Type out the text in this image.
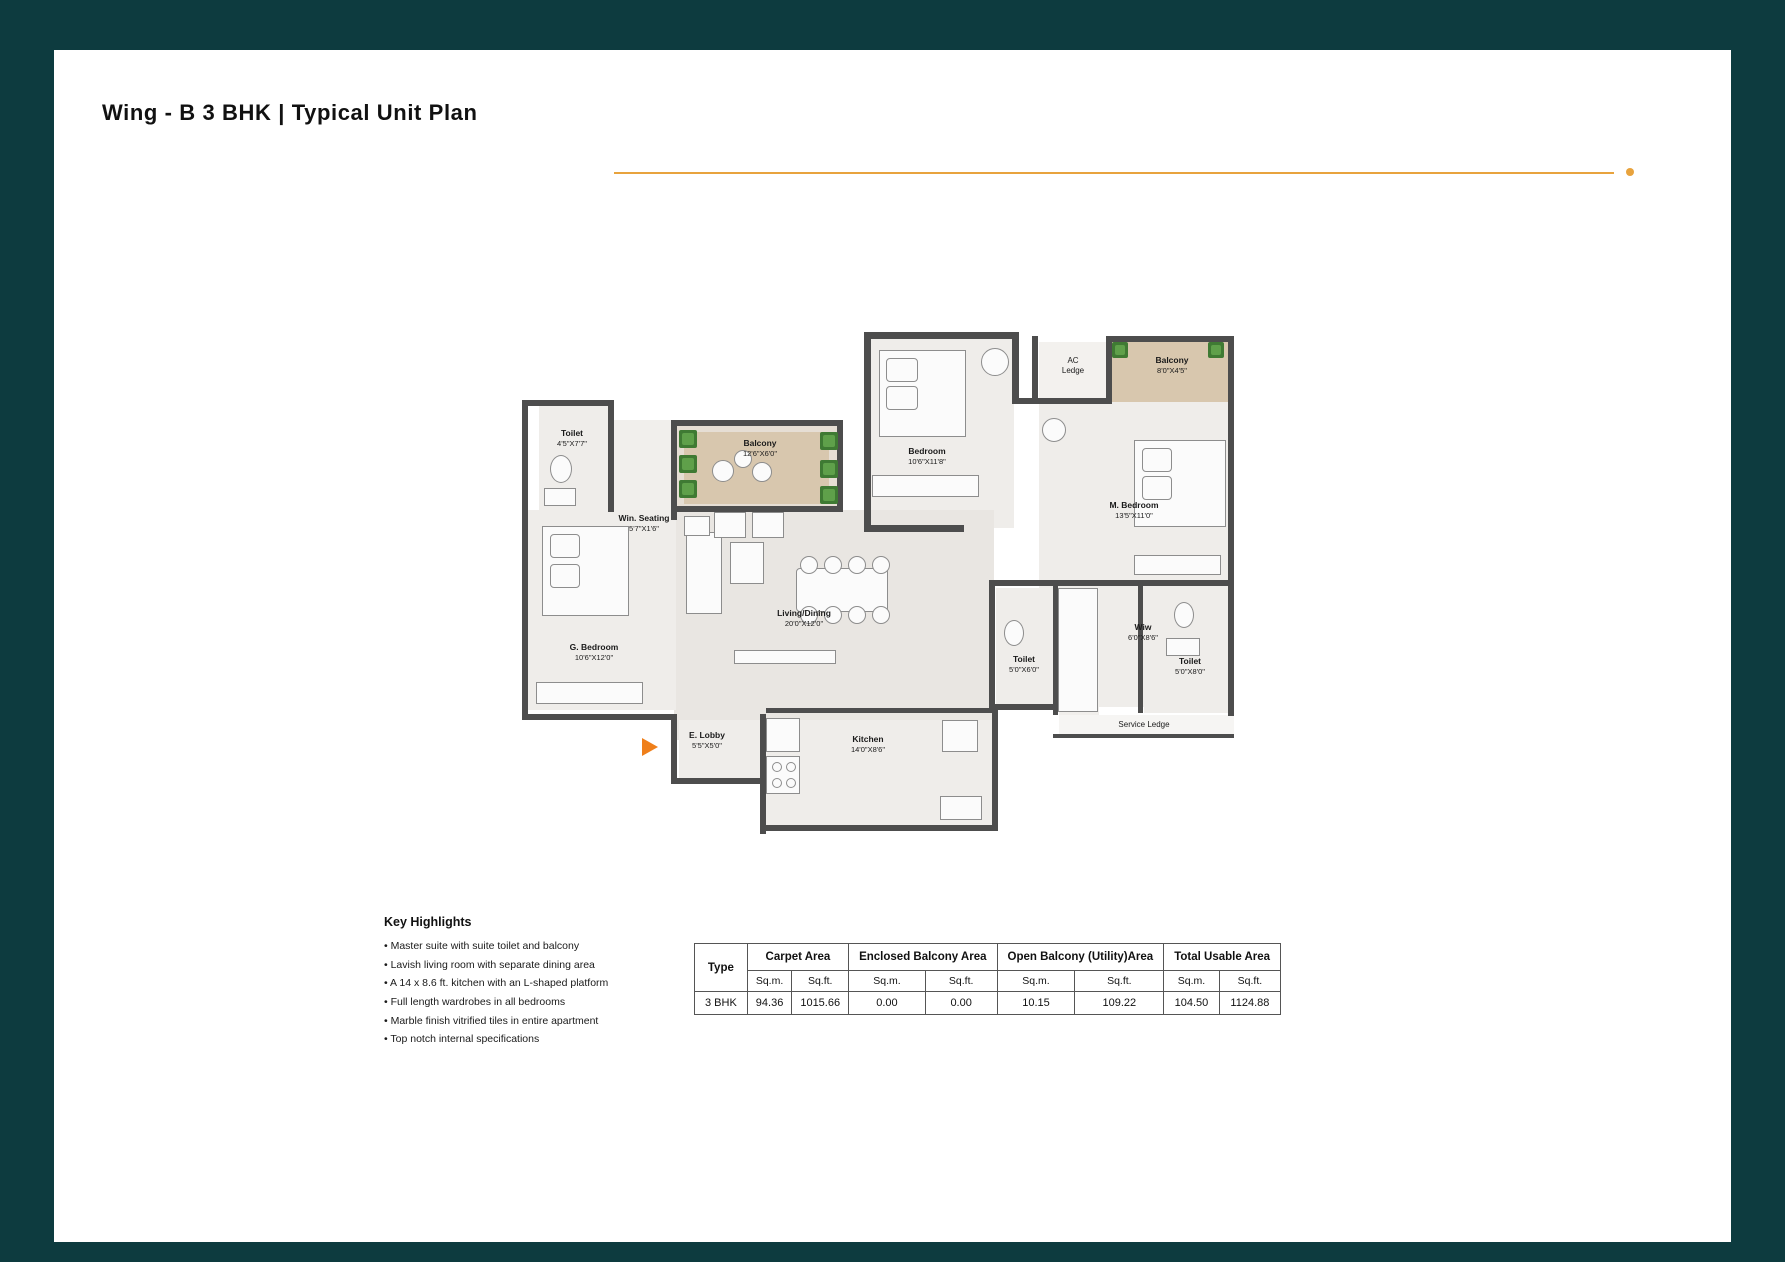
Wing - B 3 BHK | Typical Unit Plan
Toilet
4'5"X7'7"
Win. Seating
5'7"X1'6"
Balcony
12'6"X6'0"	Bedroom
10'6"X11'8"
AC
Ledge
Balcony
8'0"X4'5"
M. Bedroom
13'5"X11'0"
Living/Dining
20'0"X12'0"
G. Bedroom
10'6"X12'0"
Wiw
6'0"X8'6"
Toilet
5'0"X6'0"
Toilet
5'0"X8'0"
E. Lobby
5'5"X5'0"
Kitchen
14'0"X8'6"
Service Ledge
Key Highlights
• Master suite with suite toilet and balcony
• Lavish living room with separate dining area
• A 14 x 8.6 ft. kitchen with an L-shaped platform
• Full length wardrobes in all bedrooms
• Marble finish vitrified tiles in entire apartment
• Top notch internal specifications
Type	Carpet Area		Enclosed Balcony Area		Open Balcony (Utility)Area		Total Usable Area	
	Sq.m.	Sq.ft.	Sq.m.	Sq.ft.	Sq.m.	Sq.ft.	Sq.m.	Sq.ft.
3 BHK	94.36	1015.66	0.00	0.00	10.15	109.22	104.50	1124.88
